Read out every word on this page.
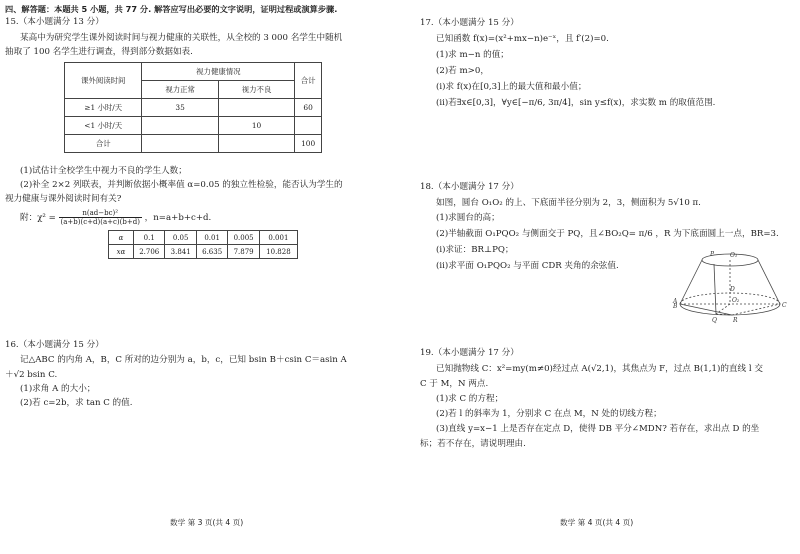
四、解答题：本题共 5 小题，共 77 分. 解答应写出必要的文字说明，证明过程或演算步骤.
15.（本小题满分 13 分）
某高中为研究学生课外阅读时间与视力健康的关联性，从全校的 3 000 名学生中随机
抽取了 100 名学生进行调查，得到部分数据如表.
课外阅读时间	视力健康情况		合计
	视力正常	视力不良	
≥1 小时/天	35		60
<1 小时/天		10	
合计			100
(1)试估计全校学生中视力不良的学生人数；
(2)补全 2×2 列联表，并判断依据小概率值 α=0.05 的独立性检验，能否认为学生的
视力健康与课外阅读时间有关?
附：$\chi^2 = \frac{\text{n(ad−bc)²}}{(a+b)(c+d)(a+c)(b+d)}$ ，n=a+b+c+d.
α	0.1	0.05	0.01	0.005	0.001
xα	2.706	3.841	6.635	7.879	10.828
16.（本小题满分 15 分）
记△ABC 的内角 A，B，C 所对的边分别为 a，b，c，已知 bsin B＋csin C＝asin A
＋√2 bsin C.
(1)求角 A 的大小；
(2)若 c=2b，求 tan C 的值.
数学 第 3 页(共 4 页)
17.（本小题满分 15 分）
已知函数 f(x)=(x²+mx−n)e⁻ˣ，且 f′(2)=0.
(1)求 m−n 的值；
(2)若 m>0，
(ⅰ)求 f(x)在[0,3]上的最大值和最小值；
(ⅱ)若∃x∈[0,3]，∀y∈[−π/6, 3π/4]，sin y≤f(x)，求实数 m 的取值范围.
18.（本小题满分 17 分）
如图，圆台 O₁O₂ 的上、下底面半径分别为 2，3，侧面积为 5√10 π.
(1)求圆台的高；
(2)半轴截面 O₁PQO₂ 与侧面交于 PQ，且∠BO₂Q= π/6 ，R 为下底面圆上一点，BR=3.
(ⅰ)求证：BR⊥PQ；
(ⅱ)求平面 O₁PQO₂ 与平面 CDR 夹角的余弦值.
P	O₁
D
A
B
O₂
C
Q	R
19.（本小题满分 17 分）
已知抛物线 C：x²=my(m≠0)经过点 A(√2,1)，其焦点为 F，过点 B(1,1)的直线 l 交
C 于 M，N 两点.
(1)求 C 的方程；
(2)若 l 的斜率为 1，分别求 C 在点 M，N 处的切线方程；
(3)直线 y=x−1 上是否存在定点 D，使得 DB 平分∠MDN? 若存在，求出点 D 的坐
标；若不存在，请说明理由.
数学 第 4 页(共 4 页)
